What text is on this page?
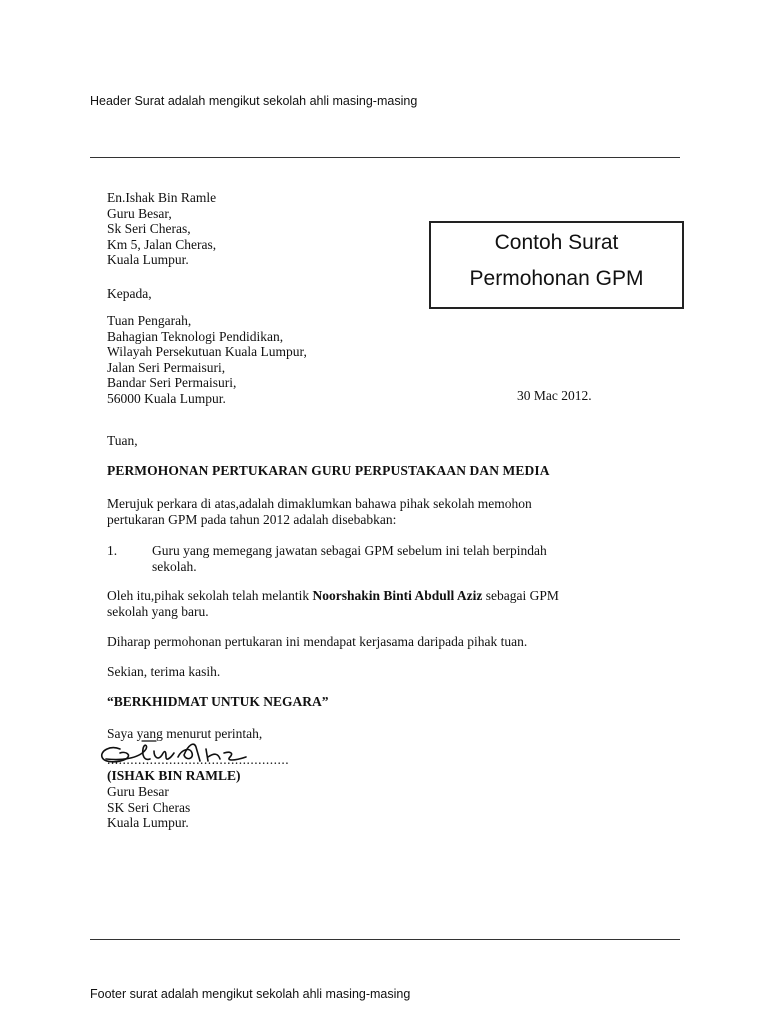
Header Surat adalah mengikut sekolah ahli masing-masing
En.Ishak Bin Ramle
Guru Besar,
Sk Seri Cheras,
Km 5, Jalan Cheras,
Kuala Lumpur.
Contoh Surat
Permohonan GPM
Kepada,
Tuan Pengarah,
Bahagian Teknologi Pendidikan,
Wilayah Persekutuan Kuala Lumpur,
Jalan Seri Permaisuri,
Bandar Seri Permaisuri,
56000 Kuala Lumpur.	30 Mac 2012.
Tuan,
PERMOHONAN PERTUKARAN GURU PERPUSTAKAAN DAN MEDIA
Merujuk perkara di atas,adalah dimaklumkan bahawa pihak sekolah memohon
pertukaran GPM pada tahun 2012 adalah disebabkan:
1.	Guru yang memegang jawatan sebagai GPM sebelum ini telah berpindah
sekolah.
Oleh itu,pihak sekolah telah melantik Noorshakin Binti Abdull Aziz sebagai GPM
sekolah yang baru.
Diharap permohonan pertukaran ini mendapat kerjasama daripada pihak tuan.
Sekian, terima kasih.
“BERKHIDMAT UNTUK NEGARA”
Saya yang menurut perintah,
...............................................
(ISHAK BIN RAMLE)
Guru Besar
SK Seri Cheras
Kuala Lumpur.
Footer surat adalah mengikut sekolah ahli masing-masing
